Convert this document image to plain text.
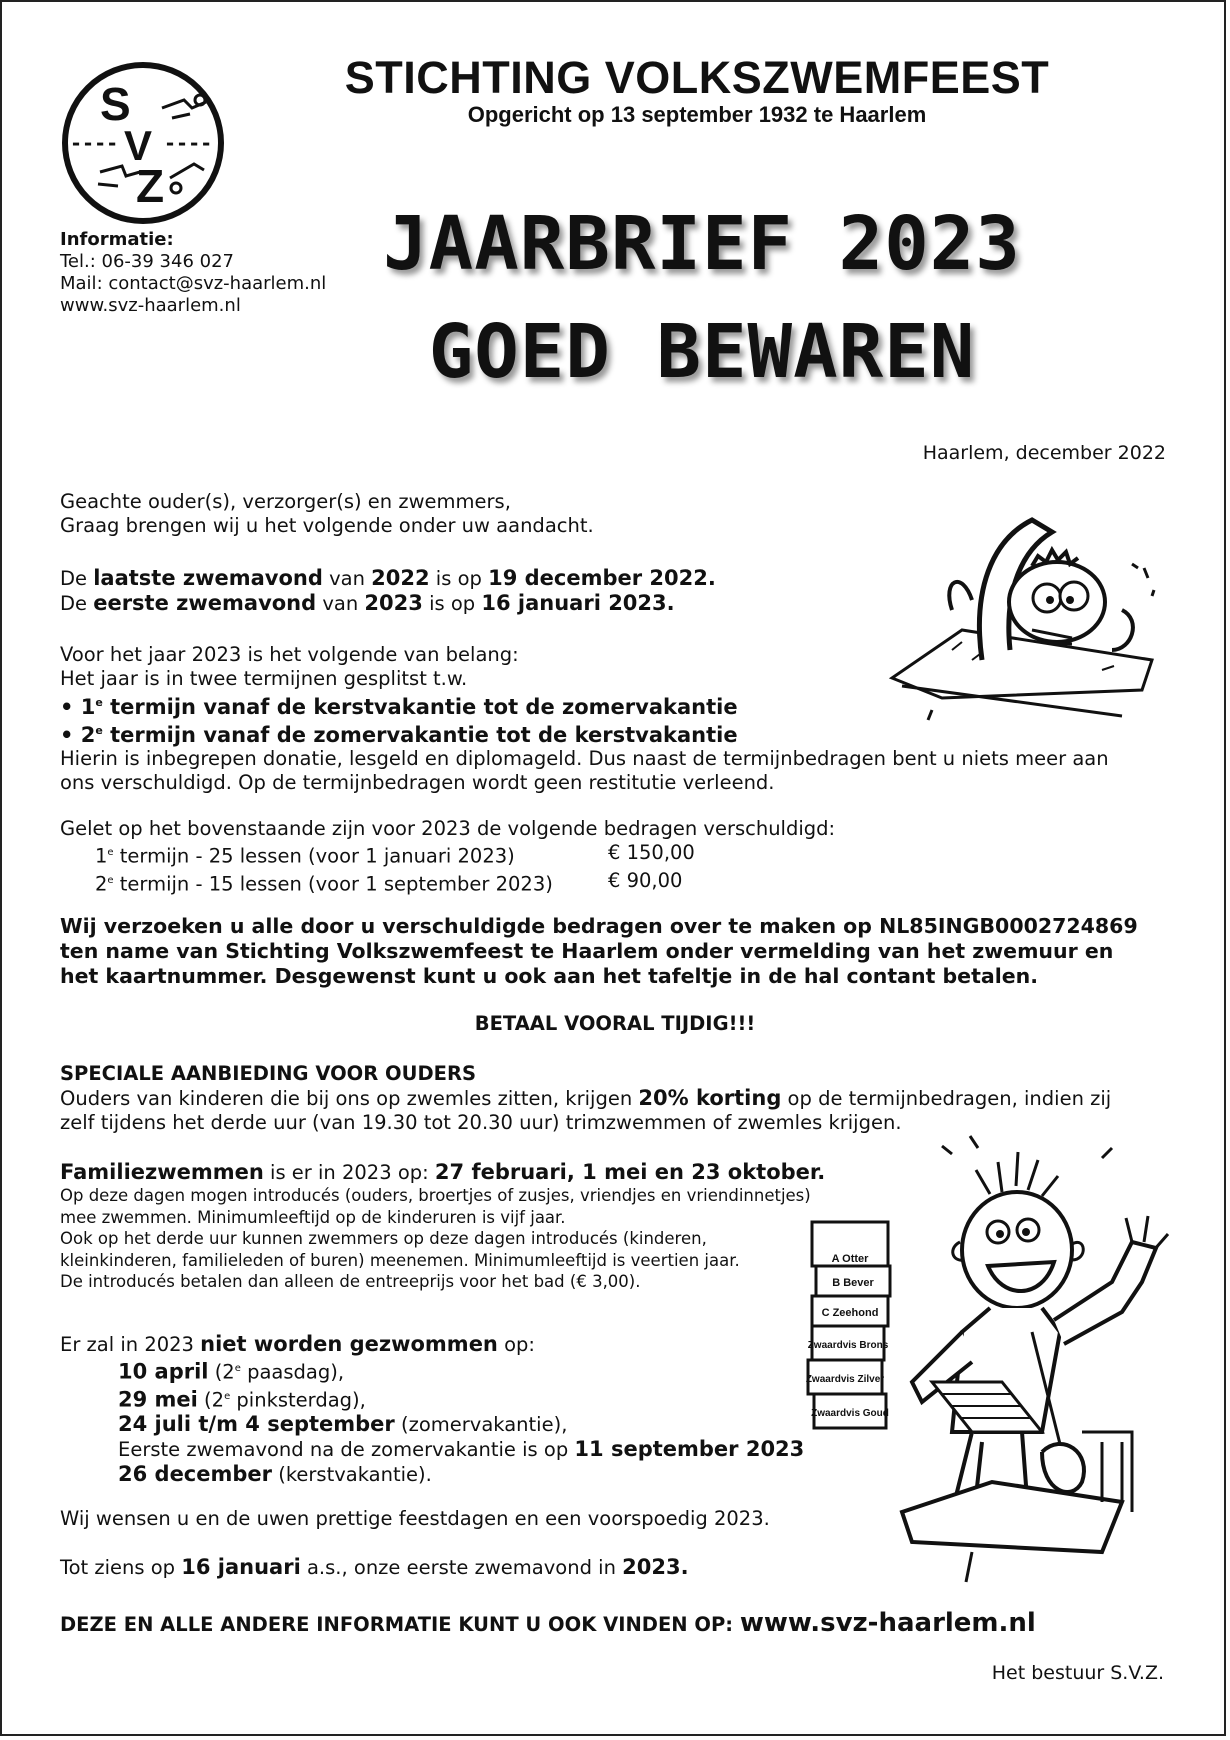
S
V
Z
---- ----
STICHTING VOLKSZWEMFEEST
Opgericht op 13 september 1932 te Haarlem
Informatie:
Tel.: 06-39 346 027
Mail: contact@svz-haarlem.nl
www.svz-haarlem.nl
JAARBRIEF 2023
GOED BEWAREN
Haarlem, december 2022
Geachte ouder(s), verzorger(s) en zwemmers,
Graag brengen wij u het volgende onder uw aandacht.
De laatste zwemavond van 2022 is op 19 december 2022.
De eerste zwemavond van 2023 is op 16 januari 2023.
Voor het jaar 2023 is het volgende van belang:
Het jaar is in twee termijnen gesplitst t.w.
• 1e termijn vanaf de kerstvakantie tot de zomervakantie
• 2e termijn vanaf de zomervakantie tot de kerstvakantie
Hierin is inbegrepen donatie, lesgeld en diplomageld. Dus naast de termijnbedragen bent u niets meer aan
ons verschuldigd. Op de termijnbedragen wordt geen restitutie verleend.
Gelet op het bovenstaande zijn voor 2023 de volgende bedragen verschuldigd:
1e termijn - 25 lessen (voor 1 januari 2023)	€ 150,00
2e termijn - 15 lessen (voor 1 september 2023)	€ 90,00
Wij verzoeken u alle door u verschuldigde bedragen over te maken op NL85INGB0002724869
ten name van Stichting Volkszwemfeest te Haarlem onder vermelding van het zwemuur en
het kaartnummer. Desgewenst kunt u ook aan het tafeltje in de hal contant betalen.
BETAAL VOORAL TIJDIG!!!
SPECIALE AANBIEDING VOOR OUDERS
Ouders van kinderen die bij ons op zwemles zitten, krijgen 20% korting op de termijnbedragen, indien zij
zelf tijdens het derde uur (van 19.30 tot 20.30 uur) trimzwemmen of zwemles krijgen.
Familiezwemmen is er in 2023 op: 27 februari, 1 mei en 23 oktober.
Op deze dagen mogen introducés (ouders, broertjes of zusjes, vriendjes en vriendinnetjes)
mee zwemmen. Minimumleeftijd op de kinderuren is vijf jaar.
Ook op het derde uur kunnen zwemmers op deze dagen introducés (kinderen,
kleinkinderen, familieleden of buren) meenemen. Minimumleeftijd is veertien jaar.
De introducés betalen dan alleen de entreeprijs voor het bad (€ 3,00).
Er zal in 2023 niet worden gezwommen op:
10 april (2e paasdag),
29 mei (2e pinksterdag),
24 juli t/m 4 september (zomervakantie),
Eerste zwemavond na de zomervakantie is op 11 september 2023
26 december (kerstvakantie).
Wij wensen u en de uwen prettige feestdagen en een voorspoedig 2023.
Tot ziens op 16 januari a.s., onze eerste zwemavond in 2023.
A Otter
B Bever
C Zeehond
Zwaardvis Brons
Zwaardvis Zilver
Zwaardvis Goud
DEZE EN ALLE ANDERE INFORMATIE KUNT U OOK VINDEN OP: www.svz-haarlem.nl
Het bestuur S.V.Z.
